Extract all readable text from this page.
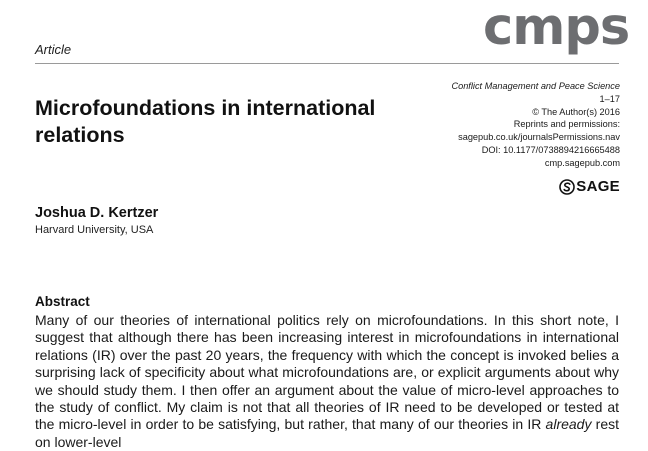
cmps
Article
Conflict Management and Peace Science
1–17
© The Author(s) 2016
Reprints and permissions:
sagepub.co.uk/journalsPermissions.nav
DOI: 10.1177/0738894216665488
cmp.sagepub.com
SAGE
Microfoundations in international relations
Joshua D. Kertzer
Harvard University, USA
Abstract
Many of our theories of international politics rely on microfoundations. In this short note, I suggest that although there has been increasing interest in microfoundations in international relations (IR) over the past 20 years, the frequency with which the concept is invoked belies a surprising lack of specificity about what microfoundations are, or explicit arguments about why we should study them. I then offer an argument about the value of micro-level approaches to the study of conflict. My claim is not that all theories of IR need to be developed or tested at the micro-level in order to be satisfying, but rather, that many of our theories in IR already rest on lower-level
